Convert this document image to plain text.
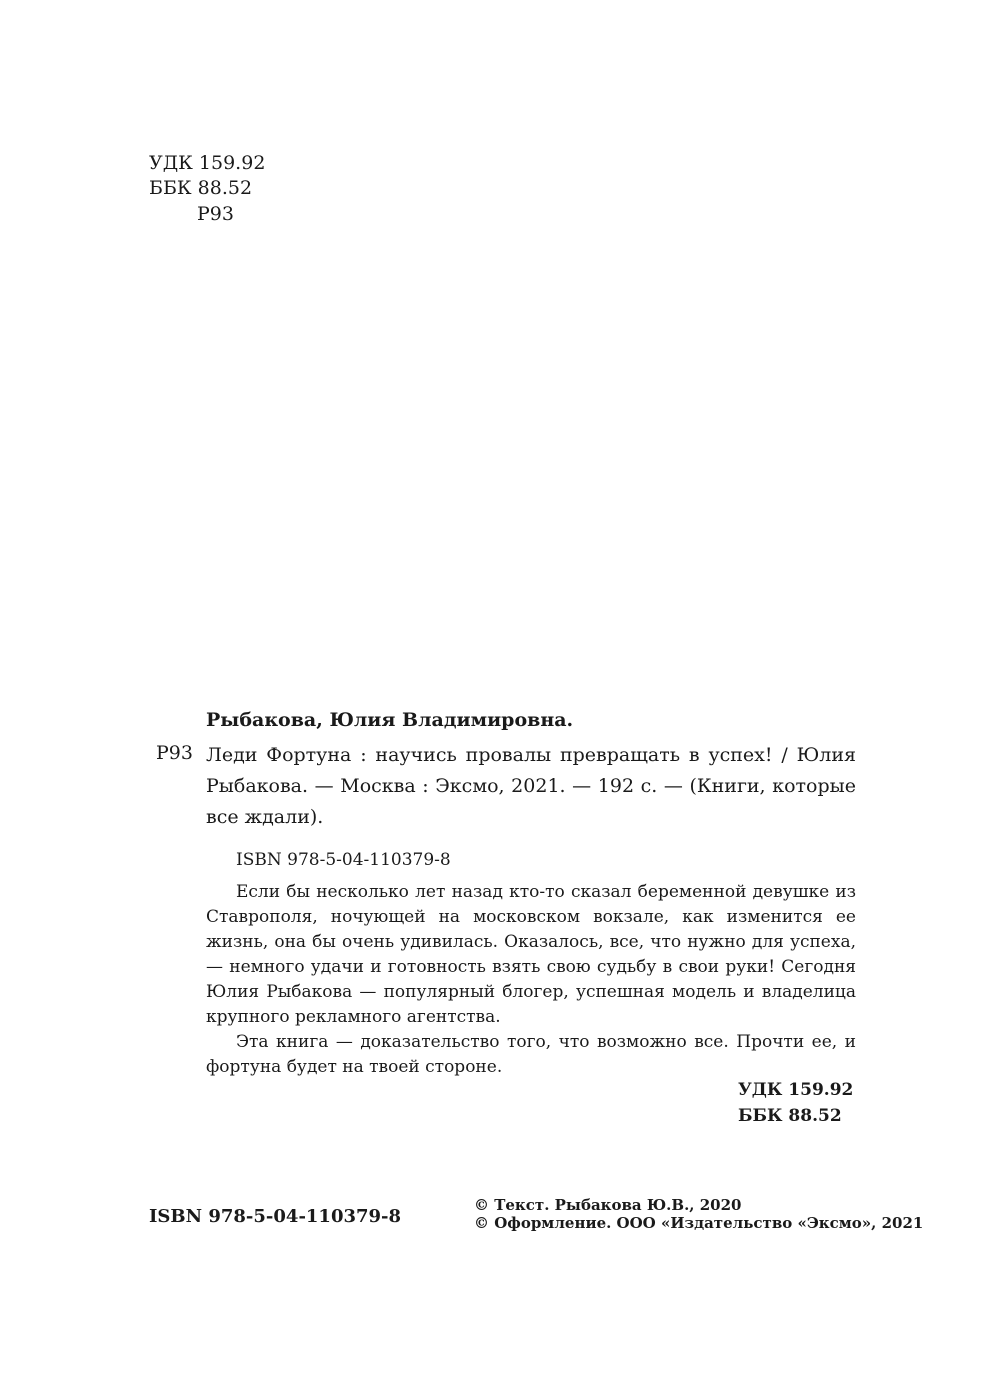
УДК 159.92
ББК 88.52
Р93
Рыбакова, Юлия Владимировна.
Р93 Леди Фортуна : научись провалы превращать в успех! / Юлия Рыбакова. — Москва : Эксмо, 2021. — 192 с. — (Книги, которые все ждали).
ISBN 978-5-04-110379-8

Если бы несколько лет назад кто-то сказал беременной девушке из Ставрополя, ночующей на московском вокзале, как изменится ее жизнь, она бы очень удивилась. Оказалось, все, что нужно для успеха, — немного удачи и готовность взять свою судьбу в свои руки! Сегодня Юлия Рыбакова — популярный блогер, успешная модель и владелица крупного рекламного агентства.

Эта книга — доказательство того, что возможно все. Прочти ее, и фортуна будет на твоей стороне.

УДК 159.92
ББК 88.52
ISBN 978-5-04-110379-8
© Текст. Рыбакова Ю.В., 2020
© Оформление. ООО «Издательство «Эксмо», 2021
